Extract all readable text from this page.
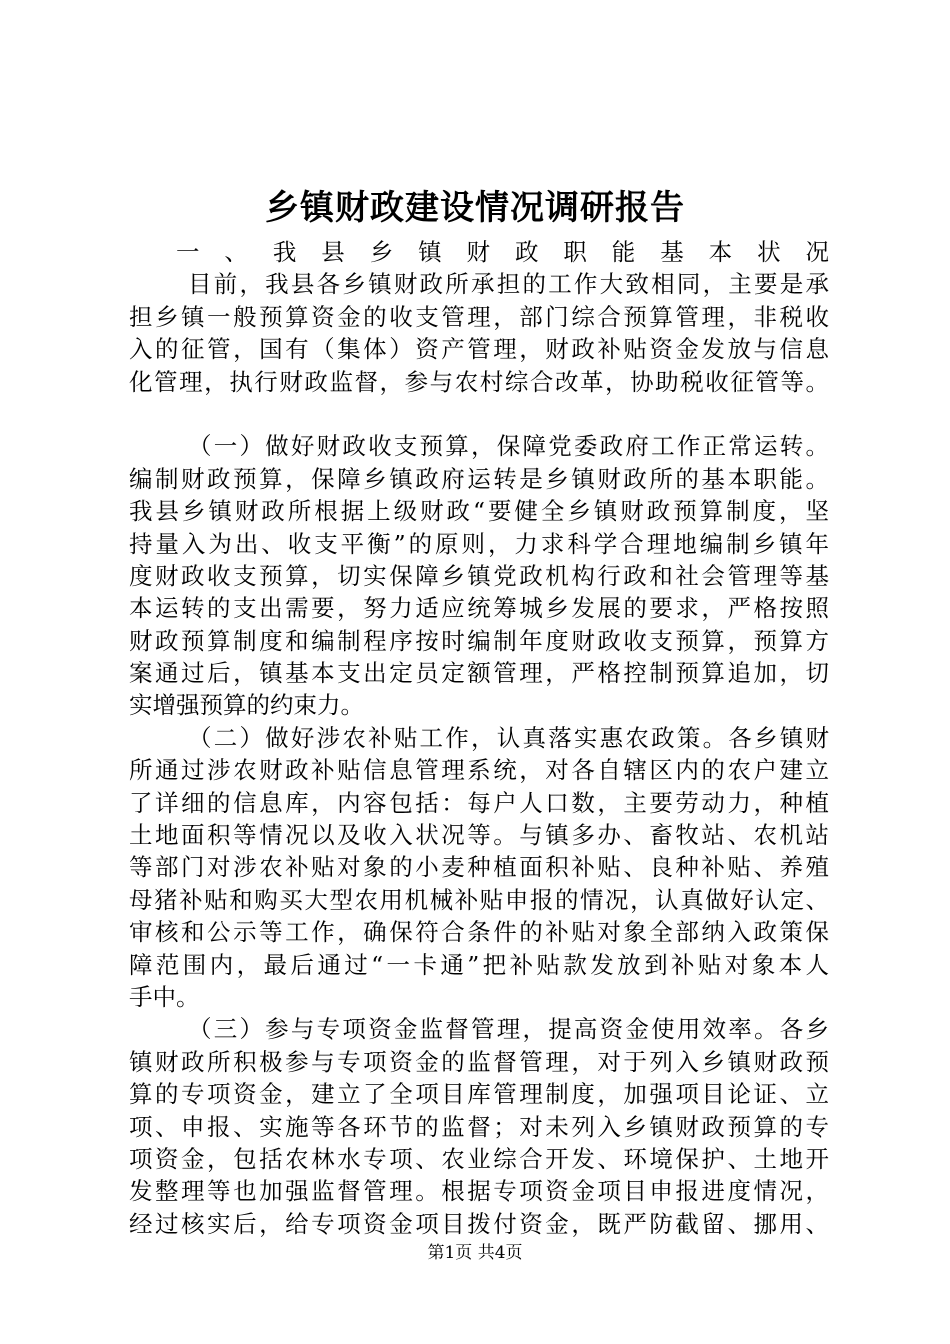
乡镇财政建设情况调研报告
一、我县乡镇财政职能基本状况
目前，我县各乡镇财政所承担的工作大致相同，主要是承
担乡镇一般预算资金的收支管理，部门综合预算管理，非税收
入的征管，国有（集体）资产管理，财政补贴资金发放与信息
化管理，执行财政监督，参与农村综合改革，协助税收征管等。
（一）做好财政收支预算，保障党委政府工作正常运转。
编制财政预算，保障乡镇政府运转是乡镇财政所的基本职能。
我县乡镇财政所根据上级财政“要健全乡镇财政预算制度，坚
持量入为出、收支平衡”的原则，力求科学合理地编制乡镇年
度财政收支预算，切实保障乡镇党政机构行政和社会管理等基
本运转的支出需要，努力适应统筹城乡发展的要求，严格按照
财政预算制度和编制程序按时编制年度财政收支预算，预算方
案通过后，镇基本支出定员定额管理，严格控制预算追加，切
实增强预算的约束力。
（二）做好涉农补贴工作，认真落实惠农政策。各乡镇财
所通过涉农财政补贴信息管理系统，对各自辖区内的农户建立
了详细的信息库，内容包括：每户人口数，主要劳动力，种植
土地面积等情况以及收入状况等。与镇多办、畜牧站、农机站
等部门对涉农补贴对象的小麦种植面积补贴、良种补贴、养殖
母猪补贴和购买大型农用机械补贴申报的情况，认真做好认定、
审核和公示等工作，确保符合条件的补贴对象全部纳入政策保
障范围内，最后通过“一卡通”把补贴款发放到补贴对象本人
手中。
（三）参与专项资金监督管理，提高资金使用效率。各乡
镇财政所积极参与专项资金的监督管理，对于列入乡镇财政预
算的专项资金，建立了全项目库管理制度，加强项目论证、立
项、申报、实施等各环节的监督；对未列入乡镇财政预算的专
项资金，包括农林水专项、农业综合开发、环境保护、土地开
发整理等也加强监督管理。根据专项资金项目申报进度情况，
经过核实后，给专项资金项目拨付资金，既严防截留、挪用、
第1页 共4页
